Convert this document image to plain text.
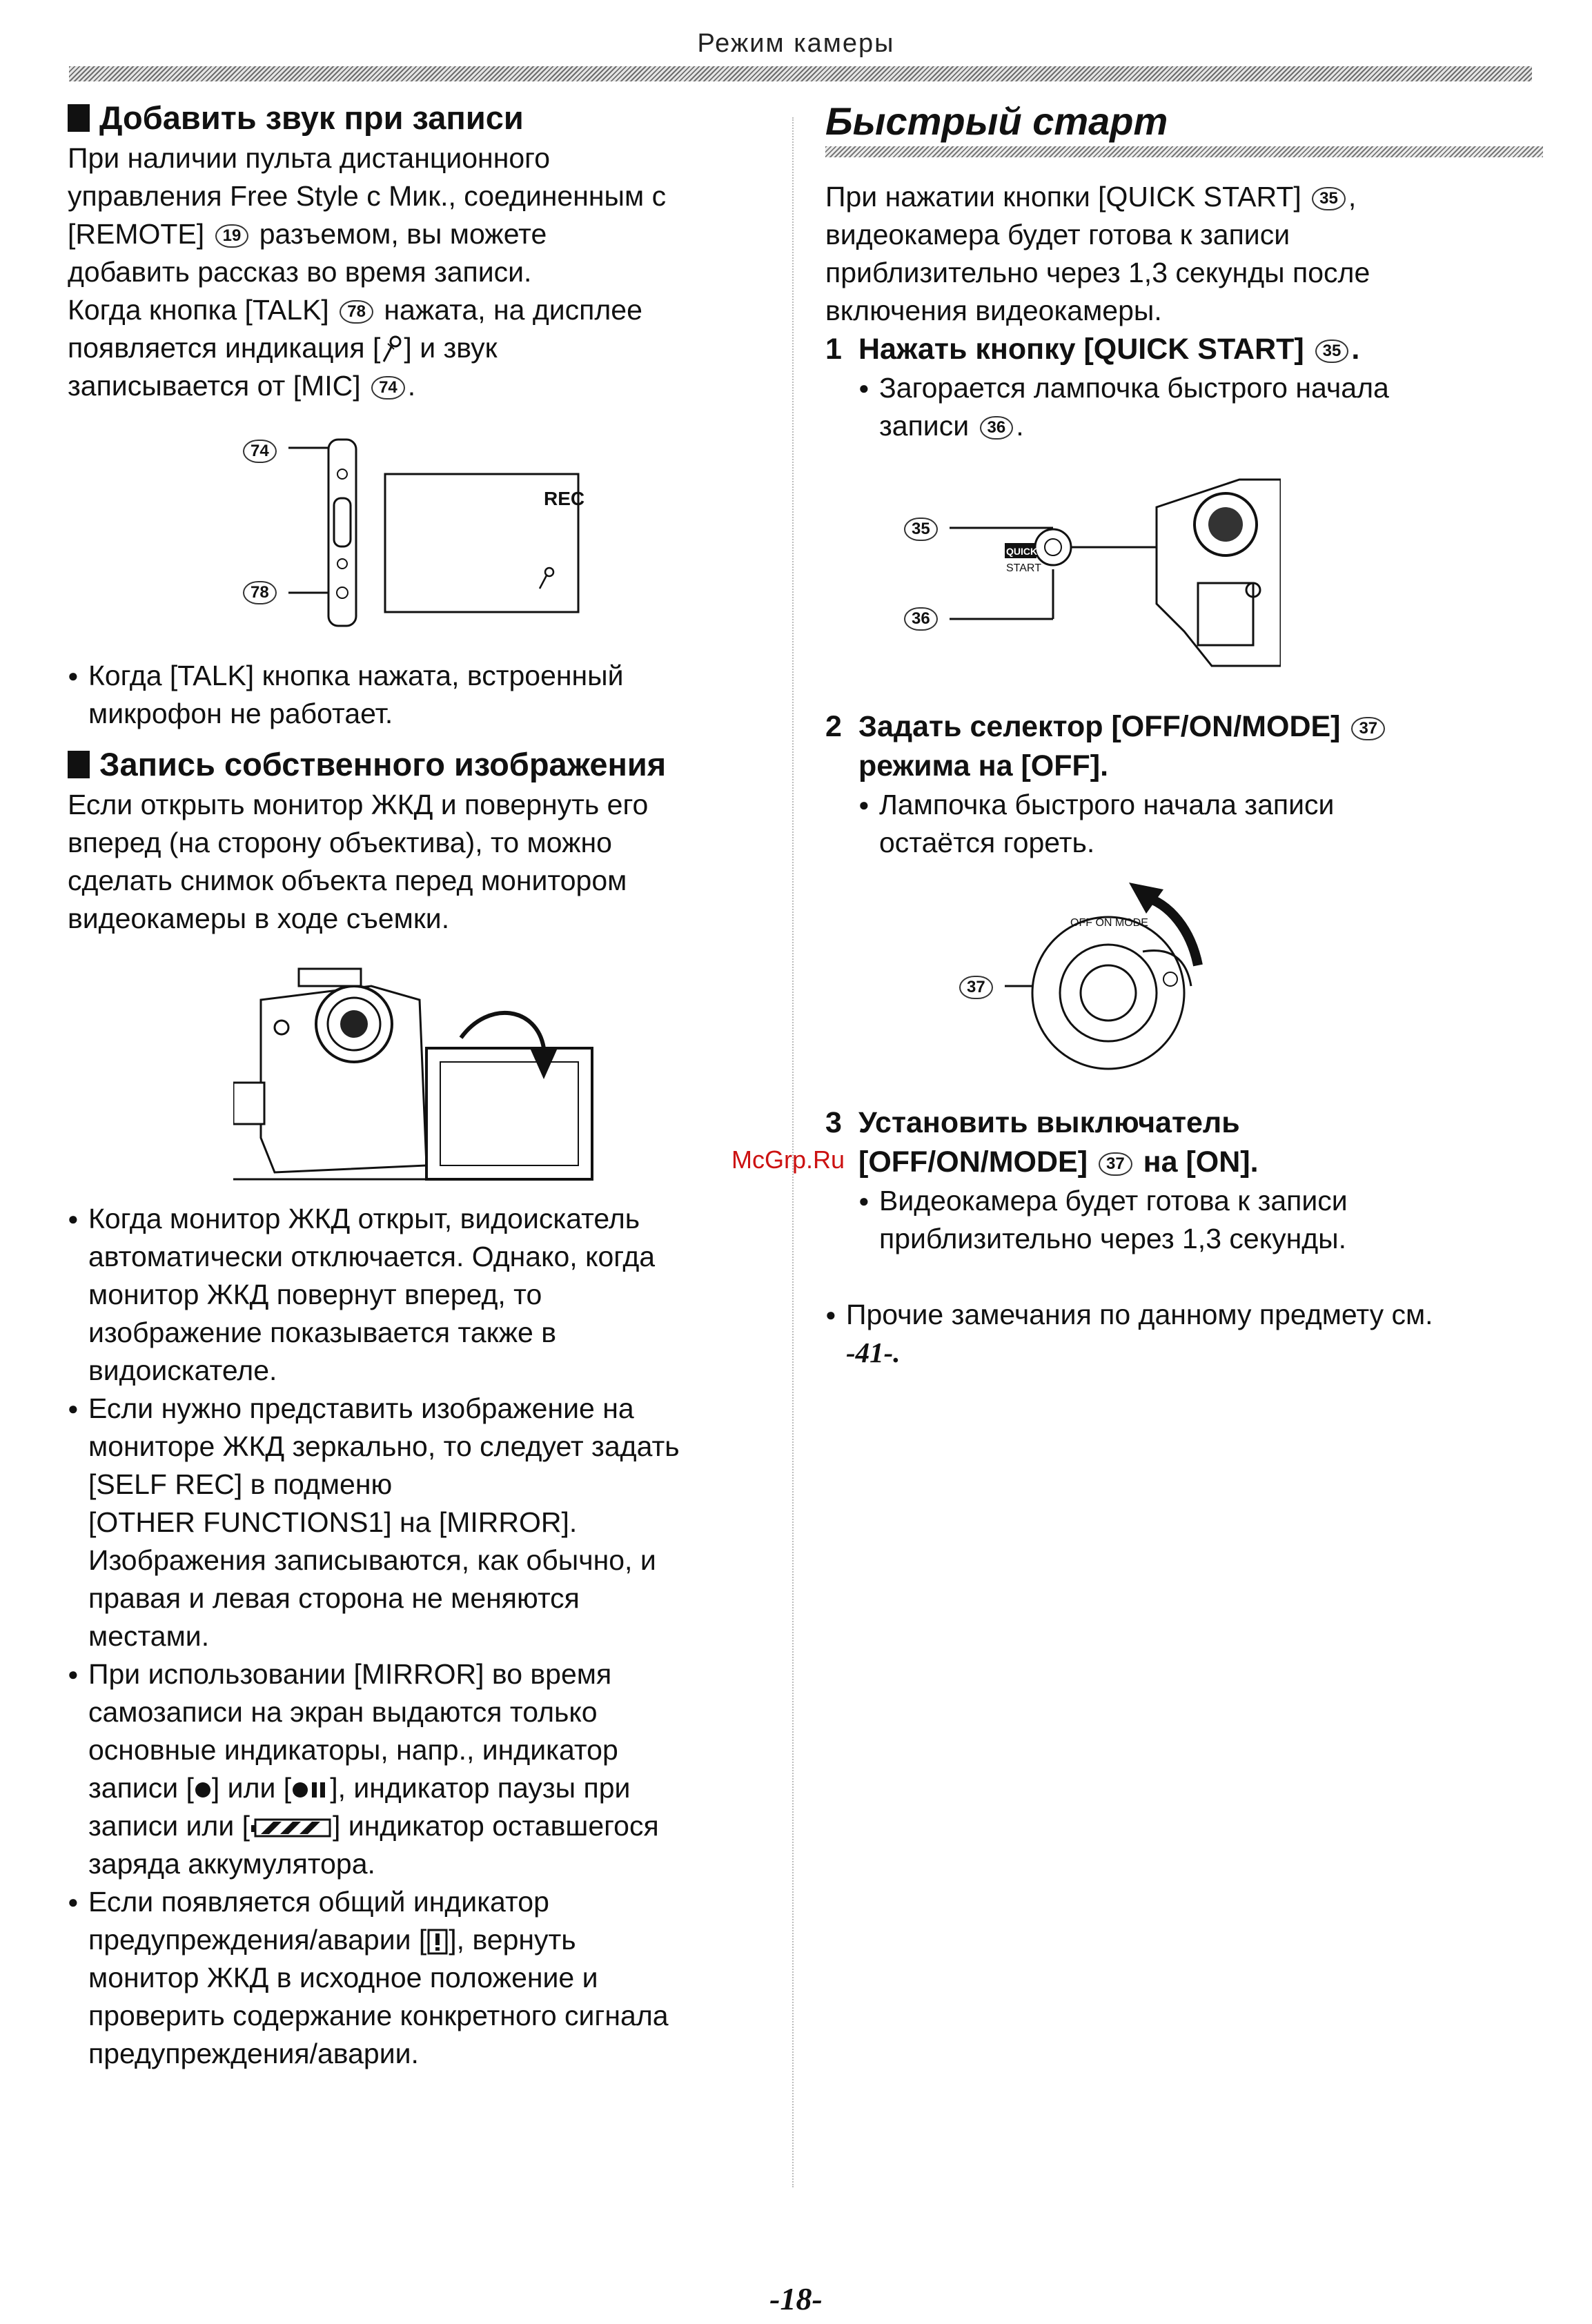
Режим камеры
Добавить звук при записи

При наличии пульта дистанционного

управления Free Style с Мик., соединенным с

[REMOTE] 19 разъемом, вы можете

добавить рассказ во время записи.

Когда кнопка [TALK] 78 нажата, на дисплее

появляется индикация [ ] и звук

записывается от [MIC] 74 .

74
78
REC
● Когда [TALK] кнопка нажата, встроенный
микрофон не работает.
Запись собственного изображения

Если открыть монитор ЖКД и повернуть его

вперед (на сторону объектива), то можно

сделать снимок объекта перед монитором

видеокамеры в ходе съемки.

● Когда монитор ЖКД открыт, видоискатель
автоматически отключается. Однако, когда
монитор ЖКД повернут вперед, то
изображение показывается также в
видоискателе.
● Если нужно представить изображение на
мониторе ЖКД зеркально, то следует задать
[SELF REC] в подменю
[OTHER FUNCTIONS1] на [MIRROR].
Изображения записываются, как обычно, и
правая и левая сторона не меняются
местами.
● При использовании [MIRROR] во время
самозаписи на экран выдаются только
основные индикаторы, напр., индикатор
записи [ ] или [ ], индикатор паузы при
записи или [	] индикатор оставшегося
заряда аккумулятора.
● Если появляется общий индикатор
предупреждения/аварии [ ], вернуть
монитор ЖКД в исходное положение и
проверить содержание конкретного сигнала
предупреждения/аварии.
Быстрый старт

При нажатии кнопки [QUICK START] 35 ,

видеокамера будет готова к записи

приблизительно через 1,3 секунды после

включения видеокамеры.

1 Нажать кнопку [QUICK START] 35 .
● Загорается лампочка быстрого начала
записи 36 .
35
36
QUICK
START
2 Задать селектор [OFF/ON/MODE] 37
режима на [OFF].
● Лампочка быстрого начала записи
остаётся гореть.
37
OFF ON MODE
3 Установить выключатель
[OFF/ON/MODE] 37 на [ON].
● Видеокамера будет готова к записи
приблизительно через 1,3 секунды.
● Прочие замечания по данному предмету см.
-41-.
McGrp.Ru
-18-
